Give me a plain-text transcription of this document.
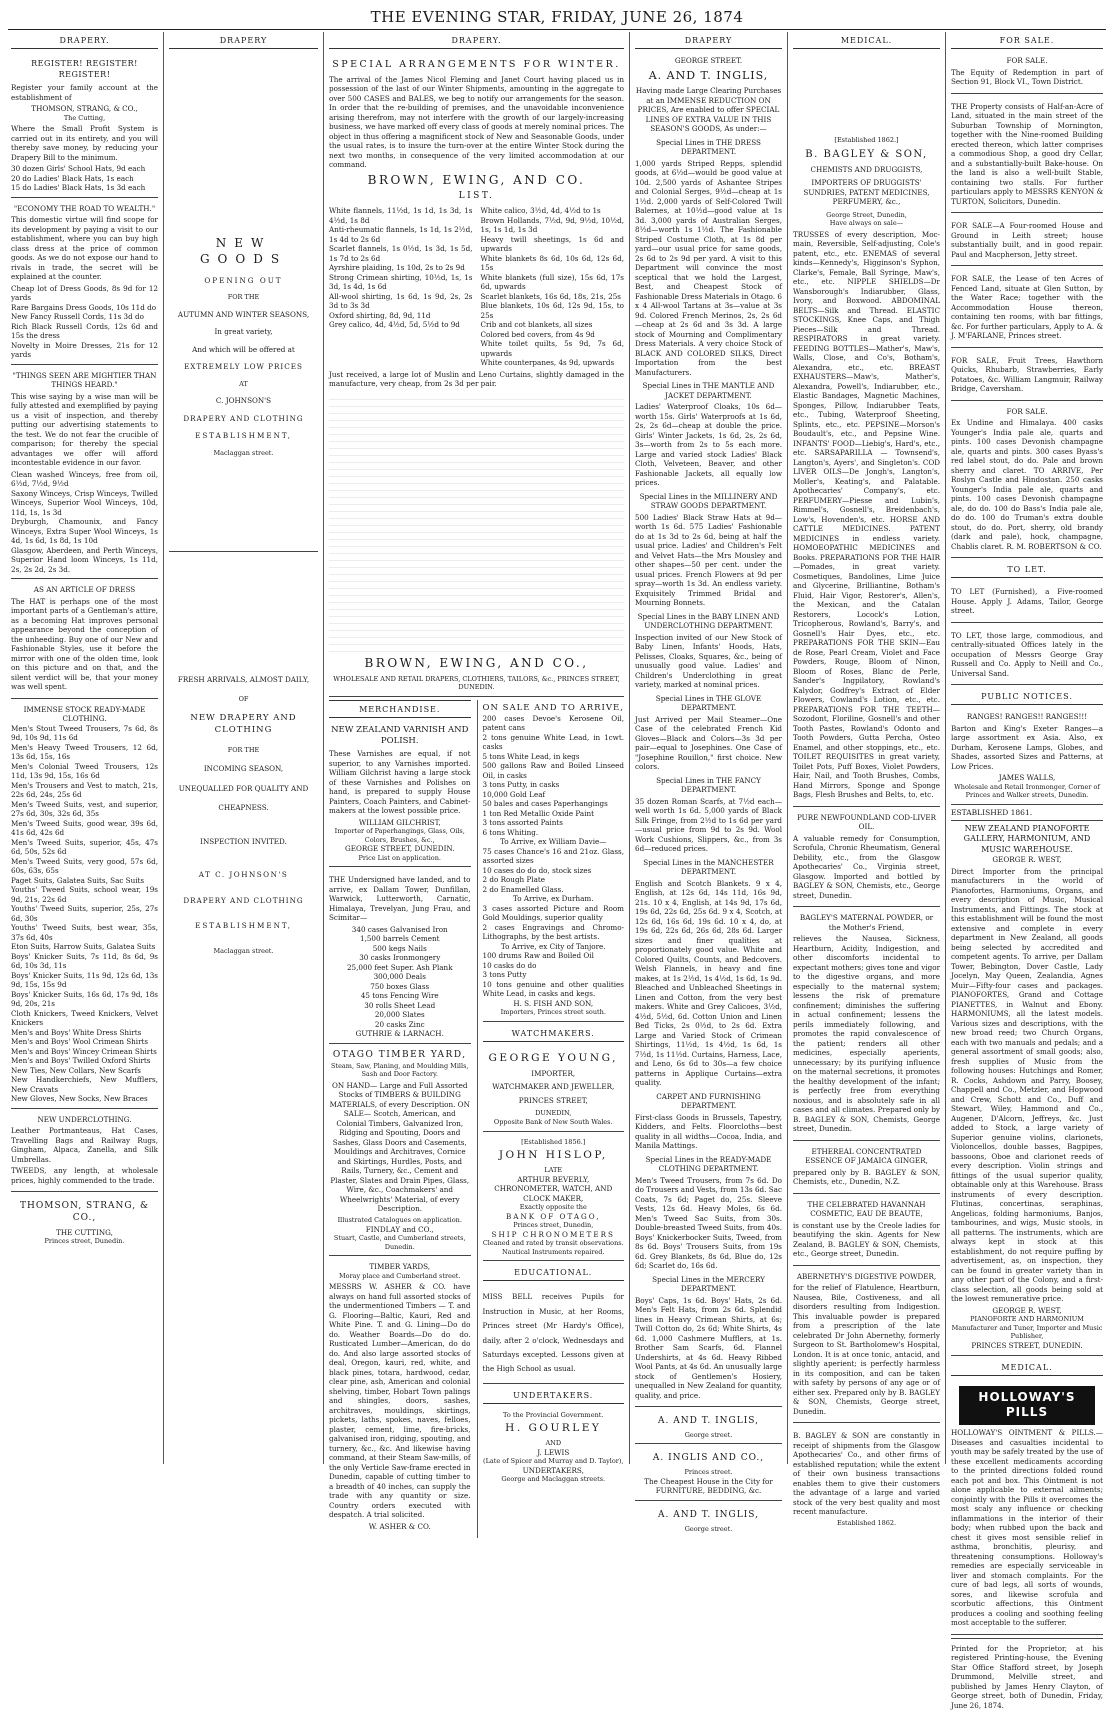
THE EVENING STAR, FRIDAY, JUNE 26, 1874
DRAPERY.
REGISTER! REGISTER! REGISTER!

Register your family account at the establishment of

THOMSON, STRANG, & CO.,
The Cutting,

Where the Small Profit System is carried out in its entirety, and you will thereby save money, by reducing your Drapery Bill to the minimum.

30 dozen Girls' School Hats, 9d each
20 do Ladies' Black Hats, 1s each
15 do Ladies' Black Hats, 1s 3d each
"ECONOMY THE ROAD TO WEALTH."

This domestic virtue will find scope for its development by paying a visit to our establishment, where you can buy high class dress at the price of common goods. As we do not expose our hand to rivals in trade, the secret will be explained at the counter.

Cheap lot of Dress Goods, 8s 9d for 12 yards
Rare Bargains Dress Goods, 10s 11d do
New Fancy Russell Cords, 11s 3d do
Rich Black Russell Cords, 12s 6d and 15s the dress
Novelty in Moire Dresses, 21s for 12 yards
"THINGS SEEN ARE MIGHTIER THAN THINGS HEARD."

This wise saying by a wise man will be fully attested and exemplified by paying us a visit of inspection, and thereby putting our advertising statements to the test. We do not fear the crucible of comparison; for thereby the special advantages we offer will afford incontestable evidence in our favor.

Clean washed Winceys, free from oil, 6½d, 7½d, 9½d
Saxony Winceys, Crisp Winceys, Twilled Winceys, Superior Wool Winceys, 10d, 11d, 1s, 1s 3d
Dryburgh, Chamounix, and Fancy Winceys, Extra Super Wool Winceys, 1s 4d, 1s 6d, 1s 8d, 1s 10d
Glasgow, Aberdeen, and Perth Winceys, Superior Hand loom Winceys, 1s 11d, 2s, 2s 2d, 2s 3d.
AS AN ARTICLE OF DRESS

The HAT is perhaps one of the most important parts of a Gentleman's attire, as a becoming Hat improves personal appearance beyond the conception of the unheeding. Buy one of our New and Fashionable Styles, use it before the mirror with one of the olden time, look on this picture and on that, and the silent verdict will be, that your money was well spent.

IMMENSE STOCK READY-MADE CLOTHING.
Men's Stout Tweed Trousers, 7s 6d, 8s 9d, 10s 9d, 11s 6d
Men's Heavy Tweed Trousers, 12 6d, 13s 6d, 15s, 16s
Men's Colonial Tweed Trousers, 12s 11d, 13s 9d, 15s, 16s 6d
Men's Trousers and Vest to match, 21s, 22s 6d, 24s, 25s 6d
Men's Tweed Suits, vest, and superior, 27s 6d, 30s, 32s 6d, 35s
Men's Tweed Suits, good wear, 39s 6d, 41s 6d, 42s 6d
Men's Tweed Suits, superior, 45s, 47s 6d, 50s, 52s 6d
Men's Tweed Suits, very good, 57s 6d, 60s, 63s, 65s
Paget Suits, Galatea Suits, Sac Suits
Youths' Tweed Suits, school wear, 19s 9d, 21s, 22s 6d
Youths' Tweed Suits, superior, 25s, 27s 6d, 30s
Youths' Tweed Suits, best wear, 35s, 37s 6d, 40s
Eton Suits, Harrow Suits, Galatea Suits
Boys' Knicker Suits, 7s 11d, 8s 6d, 9s 6d, 10s 3d, 11s
Boys' Knicker Suits, 11s 9d, 12s 6d, 13s 9d, 15s, 15s 9d
Boys' Knicker Suits, 16s 6d, 17s 9d, 18s 9d, 20s, 21s
Cloth Knickers, Tweed Knickers, Velvet Knickers
Men's and Boys' White Dress Shirts
Men's and Boys' Wool Crimean Shirts
Men's and Boys' Wincey Crimean Shirts
Men's and Boys' Twilled Oxford Shirts
New Ties, New Collars, New Scarfs
New Handkerchiefs, New Mufflers, New Cravats
New Gloves, New Socks, New Braces
NEW UNDERCLOTHING.

Leather Portmanteaus, Hat Cases, Travelling Bags and Railway Rugs, Gingham, Alpaca, Zanella, and Silk Umbrellas.

TWEEDS, any length, at wholesale prices, highly commended to the trade.

THOMSON, STRANG, & CO.,
THE CUTTING,
Princes street, Dunedin.
DRAPERY
NEW GOODS
OPENING OUT
FOR THE
AUTUMN AND WINTER SEASONS,
In great variety,
And which will be offered at
EXTREMELY LOW PRICES
AT
C. JOHNSON'S
DRAPERY AND CLOTHING
ESTABLISHMENT,
Maclaggan street.
FRESH ARRIVALS, ALMOST DAILY,
OF
NEW DRAPERY AND CLOTHING
FOR THE
INCOMING SEASON,
UNEQUALLED FOR QUALITY AND
CHEAPNESS.
INSPECTION INVITED.
AT C. JOHNSON'S
DRAPERY AND CLOTHING
ESTABLISHMENT,
Maclaggan street.
DRAPERY.
SPECIAL ARRANGEMENTS FOR WINTER.

The arrival of the James Nicol Fleming and Janet Court having placed us in possession of the last of our Winter Shipments, amounting in the aggregate to over 500 CASES and BALES, we beg to notify our arrangements for the season. In order that the re-building of premises, and the unavoidable inconvenience arising therefrom, may not interfere with the growth of our largely-increasing business, we have marked off every class of goods at merely nominal prices. The object in thus offering a magnificent stock of New and Seasonable Goods, under the usual rates, is to insure the turn-over at the entire Winter Stock during the next two months, in consequence of the very limited accommodation at our command.

BROWN, EWING, AND CO.
LIST.
White flannels, 11½d, 1s 1d, 1s 3d, 1s 4½d, 1s 8d
Anti-rheumatic flannels, 1s 1d, 1s 2½d, 1s 4d to 2s 6d
Scarlet flannels, 1s 0½d, 1s 3d, 1s 5d, 1s 7d to 2s 6d
Ayrshire plaiding, 1s 10d, 2s to 2s 9d
Strong Crimean shirting, 10½d, 1s, 1s 3d, 1s 4d, 1s 6d
All-wool shirting, 1s 6d, 1s 9d, 2s, 2s 3d to 3s 3d
Oxford shirting, 8d, 9d, 11d
Grey calico, 4d, 4½d, 5d, 5½d to 9d
White calico, 3½d, 4d, 4½d to 1s
Brown Hollands, 7½d, 9d, 9½d, 10½d, 1s, 1s 1d, 1s 3d
Heavy twill sheetings, 1s 6d and upwards
White blankets 8s 6d, 10s 6d, 12s 6d, 15s
White blankets (full size), 15s 6d, 17s 6d, upwards
Scarlet blankets, 16s 6d, 18s, 21s, 25s
Blue blankets, 10s 6d, 12s 9d, 15s, to 25s
Crib and cot blankets, all sizes
Colored bed covers, from 4s 9d
White toilet quilts, 5s 9d, 7s 6d, upwards
White counterpanes, 4s 9d, upwards

Just received, a large lot of Muslin and Leno Curtains, slightly damaged in the manufacture, very cheap, from 2s 3d per pair.

BROWN, EWING, AND CO.,
WHOLESALE AND RETAIL DRAPERS, CLOTHIERS, TAILORS, &c., PRINCES STREET, DUNEDIN.
MERCHANDISE.
NEW ZEALAND VARNISH AND POLISH.

These Varnishes are equal, if not superior, to any Varnishes imported. William Gilchrist having a large stock of these Varnishes and Polishes on hand, is prepared to supply House Painters, Coach Painters, and Cabinet-makers at the lowest possible price.

WILLIAM GILCHRIST,
Importer of Paperhangings, Glass, Oils, Colors, Brushes, &c.,
GEORGE STREET, DUNEDIN.
Price List on application.

THE Undersigned have landed, and to arrive, ex Dallam Tower, Dunfillan, Warwick, Lutterworth, Carnatic, Himalaya, Trevelyan, Jung Frau, and Scimitar—

340 cases Galvanised Iron
1,500 barrels Cement
500 kegs Nails
30 casks Ironmongery
25,000 feet Super. Ash Plank
300,000 Deals
750 boxes Glass
45 tons Fencing Wire
30 rolls Sheet Lead
20,000 Slates
20 casks Zinc
GUTHRIE & LARNACH.
OTAGO TIMBER YARD,
Steam, Saw, Planing, and Moulding Mills, Sash and Door Factory.

ON HAND— Large and Full Assorted Stocks of TIMBERS & BUILDING MATERIALS, of every Description. ON SALE— Scotch, American, and Colonial Timbers, Galvanized Iron, Ridging and Spouting, Doors and Sashes, Glass Doors and Casements, Mouldings and Architraves, Cornice and Skirtings, Hurdles, Posts, and Rails, Turnery, &c., Cement and Plaster, Slates and Drain Pipes, Glass, Wire, &c., Coachmakers' and Wheelwrights' Material, of every Description.

Illustrated Catalogues on application.
FINDLAY and CO.,
Stuart, Castle, and Cumberland streets, Dunedin.
TIMBER YARDS,
Moray place and Cumberland street.

MESSRS W. ASHER & CO. have always on hand full assorted stocks of the undermentioned Timbers — T. and G. Flooring—Baltic, Kauri, Red and White Pine. T. and G. Lining—Do do do. Weather Boards—Do do do. Rusticated Lumber—American, do do do. And also large assorted stocks of deal, Oregon, kauri, red, white, and black pines, totara, hardwood, cedar, clear pine, ash, American and colonial shelving, timber, Hobart Town palings and shingles, doors, sashes, architraves, mouldings, skirtings, pickets, laths, spokes, naves, felloes, plaster, cement, lime, fire-bricks, galvanised iron, ridging, spouting, and turnery, &c., &c. And likewise having command, at their Steam Saw-mills, of the only Verticle Saw-frame erected in Dunedin, capable of cutting timber to a breadth of 40 inches, can supply the trade with any quantity or size. Country orders executed with despatch. A trial solicited.

W. ASHER & CO.
ON SALE AND TO ARRIVE,
200 cases Devoe's Kerosene Oil, patent cans
2 tons genuine White Lead, in 1cwt. casks
5 tons White Lead, in kegs
500 gallons Raw and Boiled Linseed Oil, in casks
3 tons Putty, in casks
10,000 Gold Leaf
50 bales and cases Paperhangings
1 ton Red Metallic Oxide Paint
3 tons assorted Paints
6 tons Whiting.
To Arrive, ex William Davie—
75 cases Chance's 16 and 21oz. Glass, assorted sizes
10 cases do do do, stock sizes
2 do Rough Plate
2 do Enamelled Glass.
To Arrive, ex Durham.
3 cases assorted Picture and Room Gold Mouldings, superior quality
2 cases Engravings and Chromo-Lithographs, by the best artists.
To Arrive, ex City of Tanjore.
100 drums Raw and Boiled Oil
10 casks do do
3 tons Putty
10 tons genuine and other qualities White Lead, in casks and kegs.
H. S. FISH AND SON,
Importers, Princes street south.
WATCHMAKERS.
GEORGE YOUNG,
IMPORTER,
WATCHMAKER AND JEWELLER,
PRINCES STREET,
DUNEDIN,
Opposite Bank of New South Wales.
[Established 1856.]
JOHN HISLOP,
LATE
ARTHUR BEVERLY,
CHRONOMETER, WATCH, AND CLOCK MAKER,
Exactly opposite the
BANK OF OTAGO,
Princes street, Dunedin,
SHIP CHRONOMETERS
Cleaned and rated by transit observations. Nautical Instruments repaired.
EDUCATIONAL.

MISS BELL receives Pupils for Instruction in Music, at her Rooms, Princes street (Mr Hardy's Office), daily, after 2 o'clock, Wednesdays and Saturdays excepted. Lessons given at the High School as usual.

UNDERTAKERS.
To the Provincial Government.
H. GOURLEY
AND
J. LEWIS
(Late of Spicer and Murray and D. Taylor),
UNDERTAKERS,
George and Maclaggan streets.
DRAPERY
GEORGE STREET.
A. AND T. INGLIS,

Having made Large Clearing Purchases at an IMMENSE REDUCTION ON PRICES, Are enabled to offer SPECIAL LINES OF EXTRA VALUE IN THIS SEASON'S GOODS, As under:—

Special Lines in THE DRESS DEPARTMENT.

1,000 yards Striped Repps, splendid goods, at 6½d—would be good value at 10d. 2,500 yards of Ashantee Stripes and Colonial Serges, 9½d—cheap at 1s 1½d. 2,000 yards of Self-Colored Twill Balernes, at 10½d—good value at 1s 3d. 3,000 yards of Australian Serges, 8½d—worth 1s 1½d. The Fashionable Striped Costume Cloth, at 1s 8d per yard—our usual price for same goods, 2s 6d to 2s 9d per yard. A visit to this Department will convince the most sceptical that we hold the Largest, Best, and Cheapest Stock of Fashionable Dress Materials in Otago. 6 x 4 All-wool Tartans at 3s—value at 3s 9d. Colored French Merinos, 2s, 2s 6d—cheap at 2s 6d and 3s 3d. A large stock of Mourning and Complimentary Dress Materials. A very choice Stock of BLACK AND COLORED SILKS, Direct Importation from the best Manufacturers.

Special Lines in THE MANTLE AND JACKET DEPARTMENT.

Ladies' Waterproof Cloaks, 10s 6d—worth 15s. Girls' Waterproofs at 1s 6d, 2s, 2s 6d—cheap at double the price. Girls' Winter Jackets, 1s 6d, 2s, 2s 6d, 3s—worth from 2s to 5s each more. Large and varied stock Ladies' Black Cloth, Velveteen, Beaver, and other Fashionable Jackets, all equally low prices.

Special Lines in the MILLINERY AND STRAW GOODS DEPARTMENT.

500 Ladies' Black Straw Hats at 9d—worth 1s 6d. 575 Ladies' Fashionable do at 1s 3d to 2s 6d, being at half the usual price. Ladies' and Children's Felt and Velvet Hats—the Mrs Mousley and other shapes—50 per cent. under the usual prices. French Flowers at 9d per spray—worth 1s 3d. An endless variety. Exquisitely Trimmed Bridal and Mourning Bonnets.

Special Lines in the BABY LINEN AND UNDERCLOTHING DEPARTMENT.

Inspection invited of our New Stock of Baby Linen, Infants' Hoods, Hats, Pelisses, Cloaks, Squares, &c., being of unusually good value. Ladies' and Children's Underclothing in great variety, marked at nominal prices.

Special Lines in THE GLOVE DEPARTMENT.

Just Arrived per Mail Steamer—One Case of the celebrated French Kid Gloves—Black and Colors—3s 3d per pair—equal to Josephines. One Case of "Josephine Rouillon," first choice. New colors.

Special Lines in THE FANCY DEPARTMENT.

35 dozen Roman Scarfs, at 7½d each—well worth 1s 6d. 5,000 yards of Black Silk Fringe, from 2½d to 1s 6d per yard—usual price from 9d to 2s 9d. Wool Work Cushions, Slippers, &c., from 3s 6d—reduced prices.

Special Lines in the MANCHESTER DEPARTMENT.

English and Scotch Blankets. 9 x 4, English, at 12s 6d, 14s 11d, 16s 9d, 21s. 10 x 4, English, at 14s 9d, 17s 6d, 19s 6d, 22s 6d, 25s 6d. 9 x 4, Scotch, at 12s 6d, 16s 6d, 19s 6d. 10 x 4, do, at 19s 6d, 22s 6d, 26s 6d, 28s 6d. Larger sizes and finer qualities at proportionately good value. White and Colored Quilts, Counts, and Bedcovers. Welsh Flannels, in heavy and fine makes, at 1s 2½d, 1s 4½d, 1s 6d, 1s 9d. Bleached and Unbleached Sheetings in Linen and Cotton, from the very best makers. White and Grey Calicoes, 3½d, 4½d, 5½d, 6d. Cotton Union and Linen Bed Ticks, 2s 0½d, to 2s 6d. Extra Large and Varied Stock of Crimean Shirtings, 11½d, 1s 4½d, 1s 6d, 1s 7½d, 1s 11½d. Curtains, Harness, Lace, and Leno, 6s 6d to 30s—a few choice patterns in Applique Curtains—extra quality.

CARPET AND FURNISHING DEPARTMENT.

First-class Goods in Brussels, Tapestry, Kidders, and Felts. Floorcloths—best quality in all widths—Cocoa, India, and Manila Mattings.

Special Lines in the READY-MADE CLOTHING DEPARTMENT.

Men's Tweed Trousers, from 7s 6d. Do do Trousers and Vests, from 13s 6d. Sac Coats, 7s 6d; Paget do, 25s. Sleeve Vests, 12s 6d. Heavy Moles, 6s 6d. Men's Tweed Sac Suits, from 30s. Double-breasted Tweed Suits, from 40s. Boys' Knickerbocker Suits, Tweed, from 8s 6d. Boys' Trousers Suits, from 19s 6d. Grey Blankets, 8s 6d, Blue do, 12s 6d; Scarlet do, 16s 6d.

Special Lines in the MERCERY DEPARTMENT.

Boys' Caps, 1s 6d. Boys' Hats, 2s 6d. Men's Felt Hats, from 2s 6d. Splendid lines in Heavy Crimean Shirts, at 6s; Twill Cotton do, 2s 6d; White Shirts, 4s 6d. 1,000 Cashmere Mufflers, at 1s. Brother Sam Scarfs, 6d. Flannel Undershirts, at 4s 6d. Heavy Ribbed Wool Pants, at 4s 6d. An unusually large stock of Gentlemen's Hosiery, unequalled in New Zealand for quantity, quality, and price.

A. AND T. INGLIS,
George street.
A. INGLIS AND CO.,
Princes street.
The Cheapest House in the City for FURNITURE, BEDDING, &c.
A. AND T. INGLIS,
George street.
MEDICAL.
[Established 1862.]
B. BAGLEY & SON,
CHEMISTS AND DRUGGISTS,
IMPORTERS OF DRUGGISTS' SUNDRIES, PATENT MEDICINES, PERFUMERY, &c.,
George Street, Dunedin,
Have always on sale—

TRUSSES of every description, Moc-main, Reversible, Self-adjusting, Cole's patent, etc., etc. ENEMAS of several kinds—Kennedy's, Higginson's Syphon, Clarke's, Female, Ball Syringe, Maw's, etc., etc. NIPPLE SHIELDS—Dr Wansborough's Indiarubber, Glass, Ivory, and Boxwood. ABDOMINAL BELTS—Silk and Thread. ELASTIC STOCKINGS, Knee Caps, and Thigh Pieces—Silk and Thread. RESPIRATORS in great variety. FEEDING BOTTLES—Mather's, Maw's, Walls, Close, and Co's, Botham's, Alexandra, etc., etc. BREAST EXHAUSTERS—Maw's, Mather's, Alexandra, Powell's, Indiarubber, etc., Elastic Bandages, Magnetic Machines, Sponges, Pillow, Indiarubber Teats, etc., Tubing, Waterproof Sheeting, Splints, etc., etc. PEPSINE—Morson's Boudault's, etc., and Pepsine Wine. INFANTS' FOOD—Liebig's, Hard's, etc., etc. SARSAPARILLA — Townsend's, Langton's, Ayers', and Singleton's. COD LIVER OILS—De Jongh's, Langton's, Moller's, Keating's, and Palatable. Apothecaries' Company's, etc. PERFUMERY—Piesse and Lubin's, Rimmel's, Gosnell's, Breidenbach's, Low's, Hovenden's, etc. HORSE AND CATTLE MEDICINES. PATENT MEDICINES in endless variety. HOMOEOPATHIC MEDICINES and Books. PREPARATIONS FOR THE HAIR—Pomades, in great variety. Cosmetiques, Bandolines, Lime Juice and Glycerine, Brilliantine, Botham's Fluid, Hair Vigor, Restorer's, Allen's, the Mexican, and the Catalan Restorers, Locock's Lotion, Tricopherous, Rowland's, Barry's, and Gosnell's Hair Dyes, etc., etc. PREPARATIONS FOR THE SKIN—Eau de Rose, Pearl Cream, Violet and Face Powders, Rouge, Bloom of Ninon, Bloom of Roses, Blanc de Perle, Sander's Ingpilatory, Rowland's Kalydor, Godfrey's Extract of Elder Flowers, Cowland's Lotion, etc., etc. PREPARATIONS FOR THE TEETH—Sozodont, Floriline, Gosnell's and other Tooth Pastes, Rowland's Odonto and Tooth Powders, Gutta Percha, Osteo Enamel, and other stoppings, etc., etc. TOILET REQUISITES in great variety, Toilet Pots, Puff Boxes, Violet Powders, Hair, Nail, and Tooth Brushes, Combs, Hand Mirrors, Sponge and Sponge Bags, Flesh Brushes and Belts, to, etc.

PURE NEWFOUNDLAND COD-LIVER OIL.

A valuable remedy for Consumption, Scrofula, Chronic Rheumatism, General Debility, etc., from the Glasgow Apothecaries' Co., Virginia street, Glasgow. Imported and bottled by BAGLEY & SON, Chemists, etc., George street, Dunedin.

BAGLEY'S MATERNAL POWDER, or the Mother's Friend,

relieves the Nausea, Sickness, Heartburn, Acidity, Indigestion, and other discomforts incidental to expectant mothers; gives tone and vigor to the digestive organs, and more especially to the maternal system; lessens the risk of premature confinement; diminishes the suffering in actual confinement; lessens the perils immediately following, and promotes the rapid convalescence of the patient; renders all other medicines, especially aperients, unnecessary; by its purifying influence on the maternal secretions, it promotes the healthy development of the infant; is perfectly free from everything noxious, and is absolutely safe in all cases and all climates. Prepared only by B. BAGLEY & SON, Chemists, George street, Dunedin.

ETHEREAL CONCENTRATED ESSENCE OF JAMAICA GINGER,

prepared only by B. BAGLEY & SON, Chemists, etc., Dunedin, N.Z.

THE CELEBRATED HAVANNAH COSMETIC, EAU DE BEAUTE,

is constant use by the Creole ladies for beautifying the skin. Agents for New Zealand, B. BAGLEY & SON, Chemists, etc., George street, Dunedin.

ABERNETHY'S DIGESTIVE POWDER,

for the relief of Flatulence, Heartburn, Nausea, Bile, Costiveness, and all disorders resulting from Indigestion. This invaluable powder is prepared from a prescription of the late celebrated Dr John Abernethy, formerly Surgeon to St. Bartholomew's Hospital, London. It is at once tonic, antacid, and slightly aperient; is perfectly harmless in its composition, and can be taken with safety by persons of any age or of either sex. Prepared only by B. BAGLEY & SON, Chemists, George street, Dunedin.

B. BAGLEY & SON are constantly in receipt of shipments from the Glasgow Apothecaries' Co., and other firms of established reputation; while the extent of their own business transactions enables them to give their customers the advantage of a large and varied stock of the very best quality and most recent manufacture.

Established 1862.
FOR SALE.
FOR SALE.

The Equity of Redemption in part of Section 91, Block VI., Town District.

THE Property consists of Half-an-Acre of Land, situated in the main street of the Suburban Township of Mornington, together with the Nine-roomed Building erected thereon, which latter comprises a commodious Shop, a good dry Cellar, and a substantially-built Bake-house. On the land is also a well-built Stable, containing two stalls. For further particulars apply to MESSRS KENYON & TURTON, Solicitors, Dunedin.

FOR SALE—A Four-roomed House and Ground in Leith street; house substantially built, and in good repair. Paul and Macpherson, Jetty street.

FOR SALE, the Lease of ten Acres of Fenced Land, situate at Glen Sutton, by the Water Race; together with the Accommodation House thereon, containing ten rooms, with bar fittings, &c. For further particulars, Apply to A. & J. M'FARLANE, Princes street.

FOR SALE, Fruit Trees, Hawthorn Quicks, Rhubarb, Strawberries, Early Potatoes, &c. William Langmuir, Railway Bridge, Caversham.

FOR SALE.

Ex Undine and Himalaya. 400 casks Younger's India pale ale, quarts and pints. 100 cases Devonish champagne ale, quarts and pints. 300 cases Byass's red label stout, do do. Pale and brown sherry and claret. TO ARRIVE, Per Roslyn Castle and Hindostan. 250 casks Younger's India pale ale, quarts and pints. 100 cases Devonish champagne ale, do do. 100 do Bass's India pale ale, do do. 100 do Truman's extra double stout, do do. Port, sherry, old brandy (dark and pale), hock, champagne, Chablis claret. R. M. ROBERTSON & CO.

TO LET.

TO LET (Furnished), a Five-roomed House. Apply J. Adams, Tailor, George street.

TO LET, those large, commodious, and centrally-situated Offices lately in the occupation of Messrs George Gray Russell and Co. Apply to Neill and Co., Universal Sand.

PUBLIC NOTICES.
RANGES! RANGES!! RANGES!!!

Barton and King's Exeter Ranges—a large assortment ex Asia. Also, ex Durham, Kerosene Lamps, Globes, and Shades, assorted Sizes and Patterns, at Low Prices.

JAMES WALLS,
Wholesale and Retail Ironmonger, Corner of Princes and Walker streets, Dunedin.
ESTABLISHED 1861.
NEW ZEALAND PIANOFORTE GALLERY, HARMONIUM, AND MUSIC WAREHOUSE.
GEORGE R. WEST,

Direct Importer from the principal manufacturers in the world of Pianofortes, Harmoniums, Organs, and every description of Music, Musical Instruments, and Fittings. The stock at this establishment will be found the most extensive and complete in every department in New Zealand, all goods being selected by accredited and competent agents. To arrive, per Dallam Tower, Bebington, Dover Castle, Lady Jocelyn, May Queen, Zealandia, Agnes Muir—Fifty-four cases and packages. PIANOFORTES, Grand and Cottage PIANETTES, in Walnut and Ebony. HARMONIUMS, all the latest models. Various sizes and descriptions, with the new broad reed; two Church Organs, each with two manuals and pedals; and a general assortment of small goods; also, fresh supplies of Music from the following houses: Hutchings and Romer, R. Cocks, Ashdown and Parry, Boosey, Chappell and Co., Metzler, and Hopwood and Crew, Schott and Co., Duff and Stewart, Wiley, Hammond and Co., Augener, D'Alcorn, Jeffreys, &c. Just added to Stock, a large variety of Superior genuine violins, clarionets, Violoncellos, double basses, Bagpipes, bassoons, Oboe and clarionet reeds of every description. Violin strings and fittings of the usual superior quality, obtainable only at this Warehouse. Brass instruments of every description. Flutinas, concertinas, seraphinas, Angelicas, folding harmoniums, Banjos, tambourines, and wigs, Music stools, in all patterns. The instruments, which are always kept in stock at this establishment, do not require puffing by advertisement, as, on inspection, they can be found in greater variety than in any other part of the Colony, and a first-class selection, all goods being sold at the lowest remunerative price.

GEORGE R. WEST,
PIANOFORTE AND HARMONIUM Manufacturer and Tuner, Importer and Music Publisher,
PRINCES STREET, DUNEDIN.
MEDICAL.
HOLLOWAY'S PILLS

HOLLOWAY'S OINTMENT & PILLS.—Diseases and casualties incidental to youth may be safely treated by the use of these excellent medicaments according to the printed directions folded round each pot and box. This Ointment is not alone applicable to external ailments; conjointly with the Pills it overcomes the most scaly any influence or checking inflammations in the interior of their body; when rubbed upon the back and chest it gives most sensible relief in asthma, bronchitis, pleurisy, and threatening consumptions. Holloway's remedies are especially serviceable in liver and stomach complaints. For the cure of bad legs, all sorts of wounds, sores, and likewise scrofula and scorbutic affections, this Ointment produces a cooling and soothing feeling most acceptable to the sufferer.

Printed for the Proprietor, at his registered Printing-house, the Evening Star Office Stafford street, by Joseph Drummond, Melville street, and published by James Henry Clayton, of George street, both of Dunedin, Friday, June 26, 1874.
